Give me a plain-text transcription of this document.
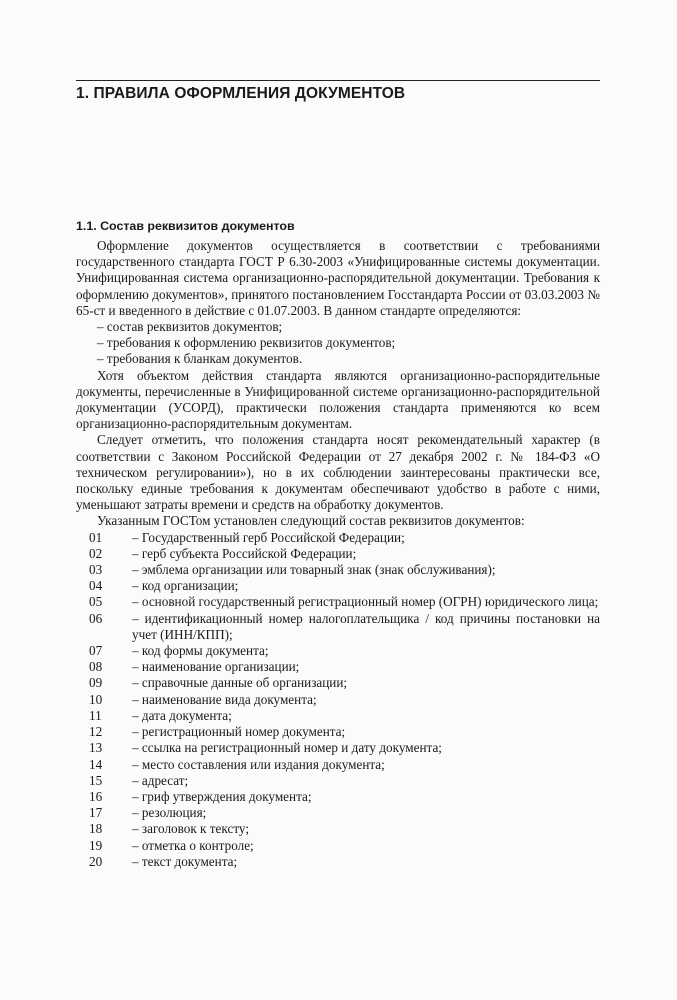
1. ПРАВИЛА ОФОРМЛЕНИЯ ДОКУМЕНТОВ
1.1. Состав реквизитов документов

Оформление документов осуществляется в соответствии с требованиями государственного стандарта ГОСТ Р 6.30-2003 «Унифицированные системы документации. Унифицированная система организационно-распорядительной документации. Требования к оформлению документов», принятого постановлением Госстандарта России от 03.03.2003 № 65-ст и введенного в действие с 01.07.2003. В данном стандарте определяются:

– состав реквизитов документов;

– требования к оформлению реквизитов документов;

– требования к бланкам документов.

Хотя объектом действия стандарта являются организационно-распорядительные документы, перечисленные в Унифицированной системе организационно-распорядительной документации (УСОРД), практически положения стандарта применяются ко всем организационно-распорядительным документам.

Следует отметить, что положения стандарта носят рекомендательный характер (в соответствии с Законом Российской Федерации от 27 декабря 2002 г. № 184-ФЗ «О техническом регулировании»), но в их соблюдении заинтересованы практически все, поскольку единые требования к документам обеспечивают удобство в работе с ними, уменьшают затраты времени и средств на обработку документов.

Указанным ГОСТом установлен следующий состав реквизитов документов:

01	– Государственный герб Российской Федерации;
02	– герб субъекта Российской Федерации;
03	– эмблема организации или товарный знак (знак обслуживания);
04	– код организации;
05	– основной государственный регистрационный номер (ОГРН) юридического лица;
06	– идентификационный номер налогоплательщика / код причины постановки на учет (ИНН/КПП);
07	– код формы документа;
08	– наименование организации;
09	– справочные данные об организации;
10	– наименование вида документа;
11	– дата документа;
12	– регистрационный номер документа;
13	– ссылка на регистрационный номер и дату документа;
14	– место составления или издания документа;
15	– адресат;
16	– гриф утверждения документа;
17	– резолюция;
18	– заголовок к тексту;
19	– отметка о контроле;
20	– текст документа;
